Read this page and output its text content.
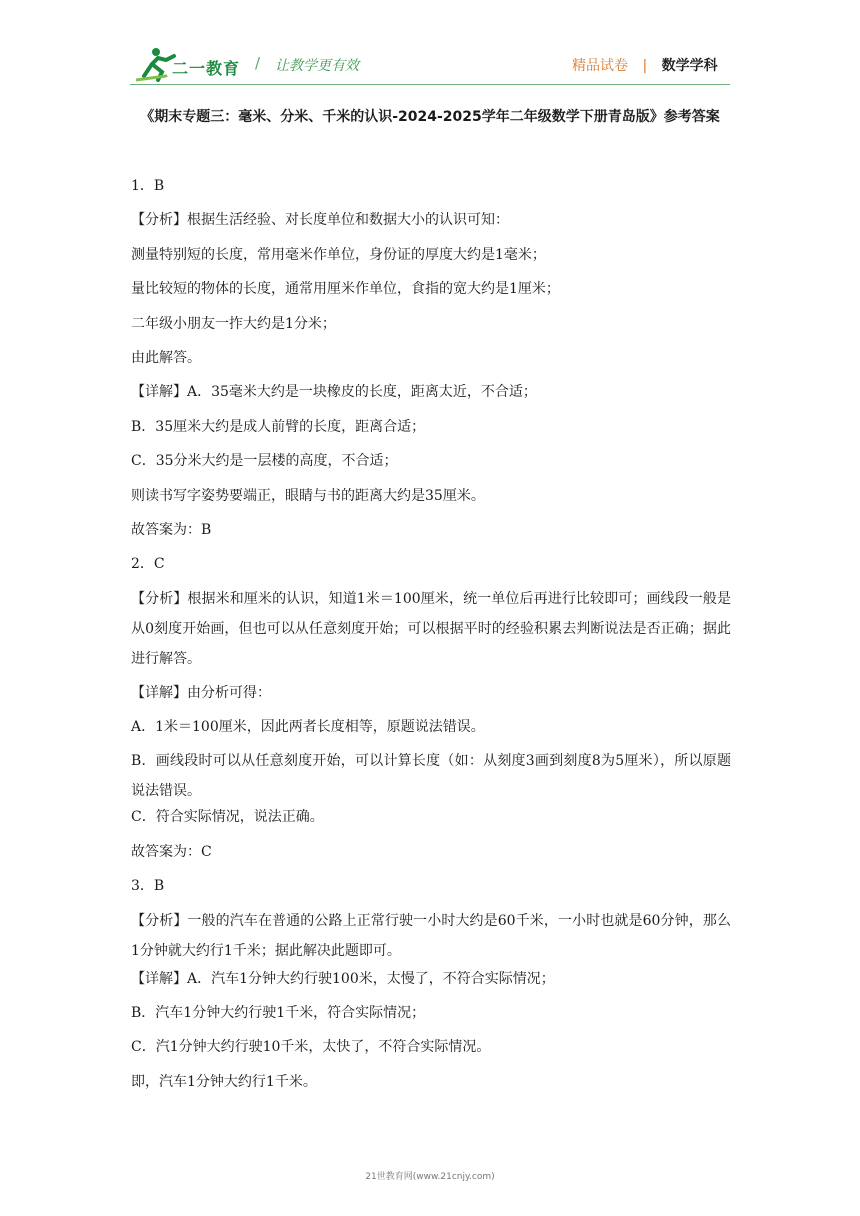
二一教育 / 让教学更有效	精品试卷 | 数学学科
《期末专题三：毫米、分米、千米的认识-2024-2025学年二年级数学下册青岛版》参考答案
1．B
【分析】根据生活经验、对长度单位和数据大小的认识可知：
测量特别短的长度，常用毫米作单位，身份证的厚度大约是1毫米；
量比较短的物体的长度，通常用厘米作单位，食指的宽大约是1厘米；
二年级小朋友一拃大约是1分米；
由此解答。
【详解】A．35毫米大约是一块橡皮的长度，距离太近，不合适；
B．35厘米大约是成人前臂的长度，距离合适；
C．35分米大约是一层楼的高度，不合适；
则读书写字姿势要端正，眼睛与书的距离大约是35厘米。
故答案为：B
2．C
【分析】根据米和厘米的认识，知道1米＝100厘米，统一单位后再进行比较即可；画线段一般是从0刻度开始画，但也可以从任意刻度开始；可以根据平时的经验积累去判断说法是否正确；据此进行解答。
【详解】由分析可得：
A．1米＝100厘米，因此两者长度相等，原题说法错误。
B．画线段时可以从任意刻度开始，可以计算长度（如：从刻度3画到刻度8为5厘米），所以原题说法错误。
C．符合实际情况，说法正确。
故答案为：C
3．B
【分析】一般的汽车在普通的公路上正常行驶一小时大约是60千米，一小时也就是60分钟，那么1分钟就大约行1千米；据此解决此题即可。
【详解】A．汽车1分钟大约行驶100米，太慢了，不符合实际情况；
B．汽车1分钟大约行驶1千米，符合实际情况；
C．汽1分钟大约行驶10千米，太快了，不符合实际情况。
即，汽车1分钟大约行1千米。
21世教育网(www.21cnjy.com)
